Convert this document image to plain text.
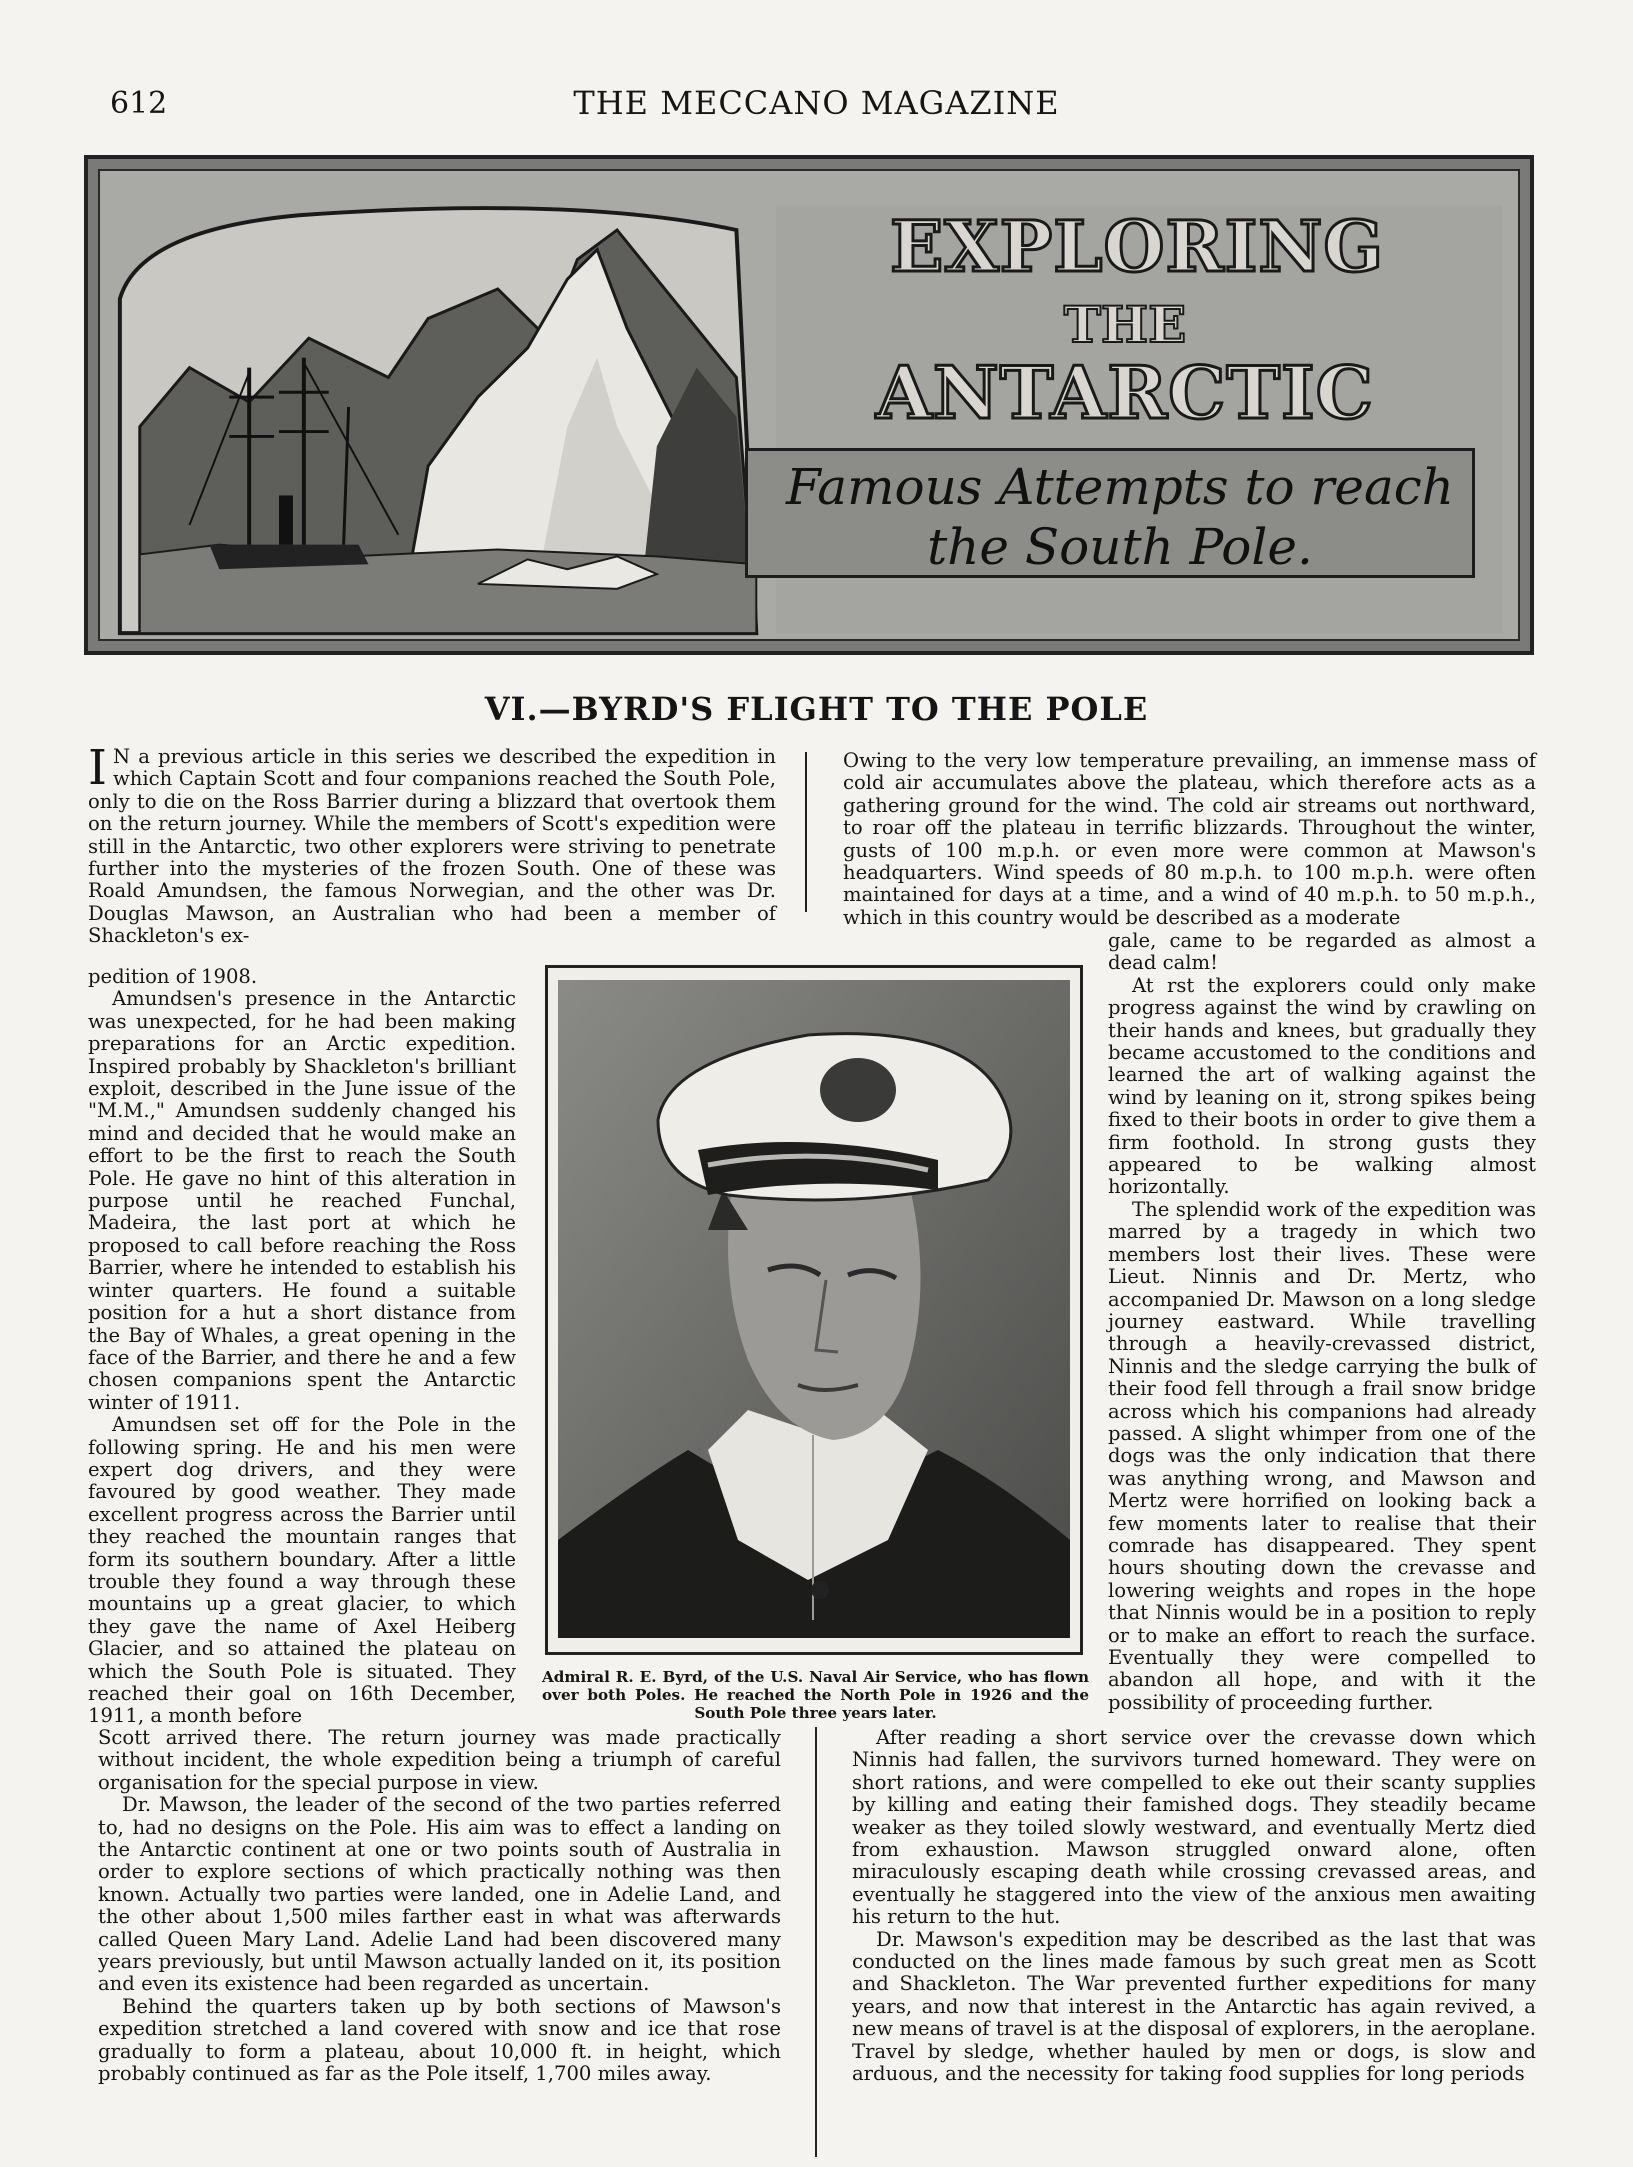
612	THE MECCANO MAGAZINE
EXPLORING
THE
ANTARCTIC
Famous Attempts to reach
the South Pole.
VI.—BYRD'S FLIGHT TO THE POLE

I N a previous article in this series we described the expedition in which Captain Scott and four companions reached the South Pole, only to die on the Ross Barrier during a blizzard that overtook them on the return journey. While the members of Scott's expedition were still in the Antarctic, two other explorers were striving to penetrate further into the mysteries of the frozen South. One of these was Roald Amundsen, the famous Norwegian, and the other was Dr. Douglas Mawson, an Australian who had been a member of Shackleton's ex-

pedition of 1908.

Amundsen's presence in the Antarctic was unexpected, for he had been making preparations for an Arctic expedition. Inspired probably by Shackleton's brilliant exploit, described in the June issue of the "M.M.," Amundsen suddenly changed his mind and decided that he would make an effort to be the first to reach the South Pole. He gave no hint of this alteration in purpose until he reached Funchal, Madeira, the last port at which he proposed to call before reaching the Ross Barrier, where he intended to establish his winter quarters. He found a suitable position for a hut a short distance from the Bay of Whales, a great opening in the face of the Barrier, and there he and a few chosen companions spent the Antarctic winter of 1911.

Amundsen set off for the Pole in the following spring. He and his men were expert dog drivers, and they were favoured by good weather. They made excellent progress across the Barrier until they reached the mountain ranges that form its southern boundary. After a little trouble they found a way through these mountains up a great glacier, to which they gave the name of Axel Heiberg Glacier, and so attained the plateau on which the South Pole is situated. They reached their goal on 16th December, 1911, a month before

Admiral R. E. Byrd, of the U.S. Naval Air Service, who has flown over both Poles. He reached the North Pole in 1926 and the South Pole three years later.

Scott arrived there. The return journey was made practically without incident, the whole expedition being a triumph of careful organisation for the special purpose in view.

Dr. Mawson, the leader of the second of the two parties referred to, had no designs on the Pole. His aim was to effect a landing on the Antarctic continent at one or two points south of Australia in order to explore sections of which practically nothing was then known. Actually two parties were landed, one in Adelie Land, and the other about 1,500 miles farther east in what was afterwards called Queen Mary Land. Adelie Land had been discovered many years previously, but until Mawson actually landed on it, its position and even its existence had been regarded as uncertain.

Behind the quarters taken up by both sections of Mawson's expedition stretched a land covered with snow and ice that rose gradually to form a plateau, about 10,000 ft. in height, which probably continued as far as the Pole itself, 1,700 miles away.

Owing to the very low temperature prevailing, an immense mass of cold air accumulates above the plateau, which therefore acts as a gathering ground for the wind. The cold air streams out northward, to roar off the plateau in terrific blizzards. Throughout the winter, gusts of 100 m.p.h. or even more were common at Mawson's headquarters. Wind speeds of 80 m.p.h. to 100 m.p.h. were often maintained for days at a time, and a wind of 40 m.p.h. to 50 m.p.h., which in this country would be described as a moderate

gale, came to be regarded as almost a dead calm!

At rst the explorers could only make progress against the wind by crawling on their hands and knees, but gradually they became accustomed to the conditions and learned the art of walking against the wind by leaning on it, strong spikes being fixed to their boots in order to give them a firm foothold. In strong gusts they appeared to be walking almost horizontally.

The splendid work of the expedition was marred by a tragedy in which two members lost their lives. These were Lieut. Ninnis and Dr. Mertz, who accompanied Dr. Mawson on a long sledge journey eastward. While travelling through a heavily-crevassed district, Ninnis and the sledge carrying the bulk of their food fell through a frail snow bridge across which his companions had already passed. A slight whimper from one of the dogs was the only indication that there was anything wrong, and Mawson and Mertz were horrified on looking back a few moments later to realise that their comrade has disappeared. They spent hours shouting down the crevasse and lowering weights and ropes in the hope that Ninnis would be in a position to reply or to make an effort to reach the surface. Eventually they were compelled to abandon all hope, and with it the possibility of proceeding further.

After reading a short service over the crevasse down which Ninnis had fallen, the survivors turned homeward. They were on short rations, and were compelled to eke out their scanty supplies by killing and eating their famished dogs. They steadily became weaker as they toiled slowly westward, and eventually Mertz died from exhaustion. Mawson struggled onward alone, often miraculously escaping death while crossing crevassed areas, and eventually he staggered into the view of the anxious men awaiting his return to the hut.

Dr. Mawson's expedition may be described as the last that was conducted on the lines made famous by such great men as Scott and Shackleton. The War prevented further expeditions for many years, and now that interest in the Antarctic has again revived, a new means of travel is at the disposal of explorers, in the aeroplane. Travel by sledge, whether hauled by men or dogs, is slow and arduous, and the necessity for taking food supplies for long periods
